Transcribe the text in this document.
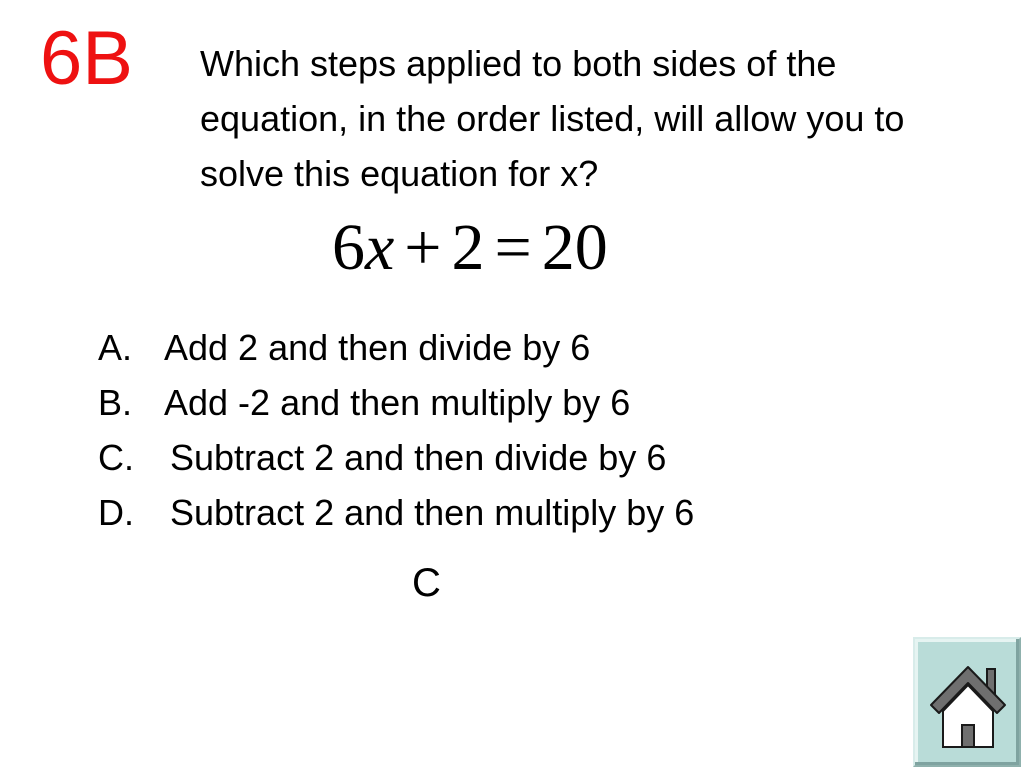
6B Which steps applied to both sides of the equation, in the order listed, will allow you to solve this equation for x?
6x + 2 = 20
A. Add 2 and then divide by 6
B. Add -2 and then multiply by 6
C.	Subtract 2 and then divide by 6
D.	Subtract 2 and then multiply by 6
C
